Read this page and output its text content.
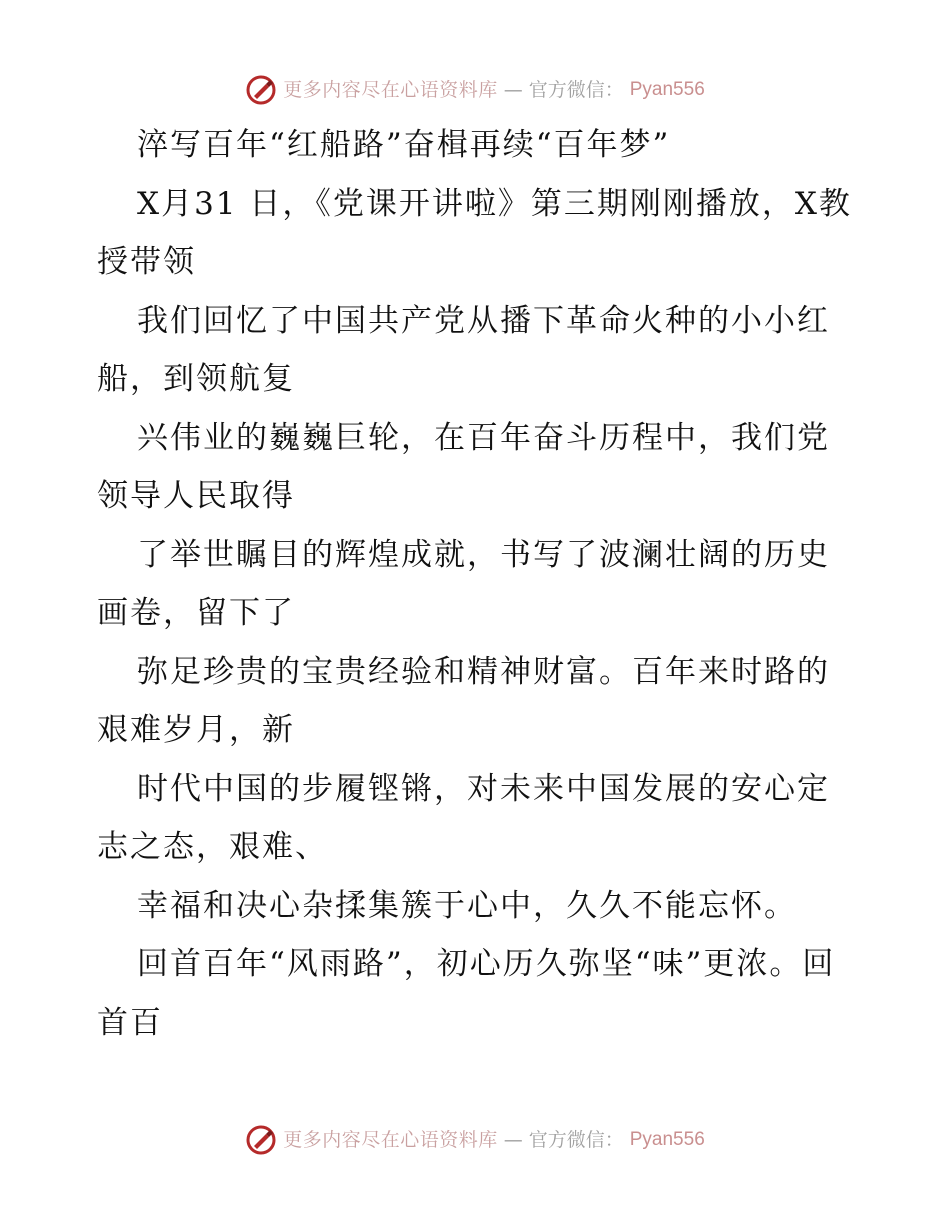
更多内容尽在心语资料库 — 官方微信： Pyan556

淬写百年“红船路”奋楫再续“百年梦”

X月31 日，《党课开讲啦》第三期刚刚播放，X教授带领

我们回忆了中国共产党从播下革命火种的小小红船，到领航复

兴伟业的巍巍巨轮，在百年奋斗历程中，我们党领导人民取得

了举世瞩目的辉煌成就，书写了波澜壮阔的历史画卷，留下了

弥足珍贵的宝贵经验和精神财富。百年来时路的艰难岁月，新

时代中国的步履铿锵，对未来中国发展的安心定志之态，艰难、

幸福和决心杂揉集簇于心中，久久不能忘怀。

回首百年“风雨路”，初心历久弥坚“味”更浓。回首百

更多内容尽在心语资料库 — 官方微信： Pyan556
